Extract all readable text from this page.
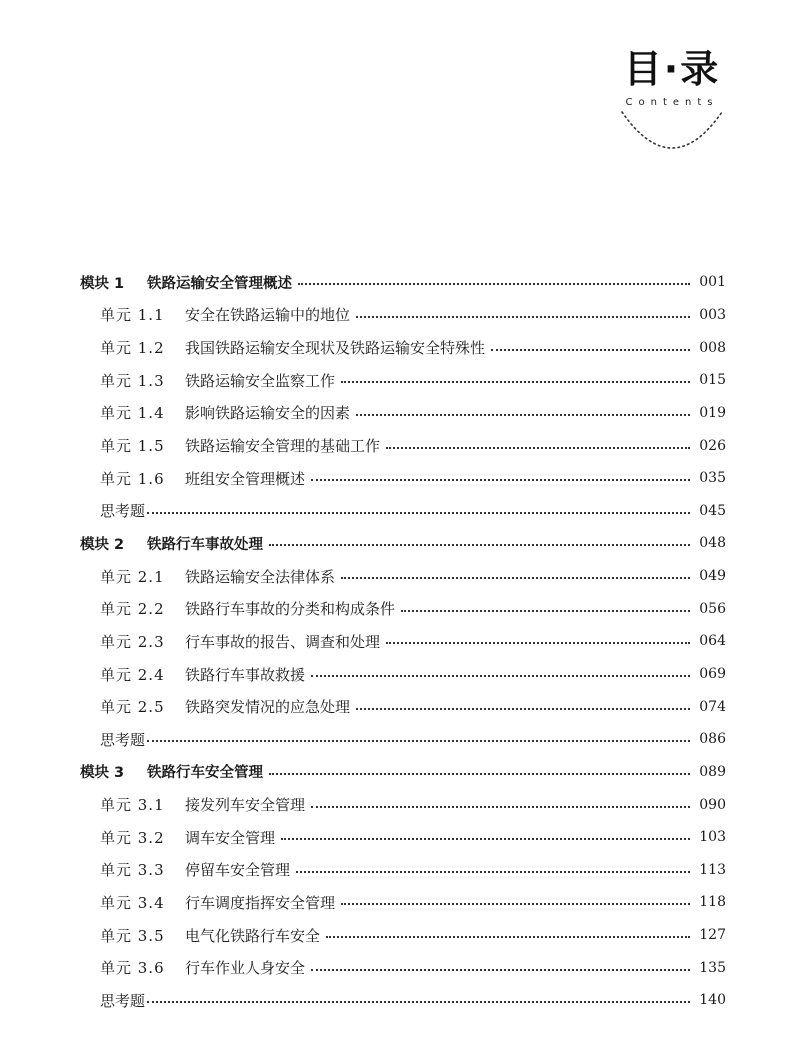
目·录
Contents
模块 1	铁路运输安全管理概述	001
单元 1.1	安全在铁路运输中的地位	003
单元 1.2	我国铁路运输安全现状及铁路运输安全特殊性	008
单元 1.3	铁路运输安全监察工作	015
单元 1.4	影响铁路运输安全的因素	019
单元 1.5	铁路运输安全管理的基础工作	026
单元 1.6	班组安全管理概述	035
思考题	045
模块 2	铁路行车事故处理	048
单元 2.1	铁路运输安全法律体系	049
单元 2.2	铁路行车事故的分类和构成条件	056
单元 2.3	行车事故的报告、调查和处理	064
单元 2.4	铁路行车事故救援	069
单元 2.5	铁路突发情况的应急处理	074
思考题	086
模块 3	铁路行车安全管理	089
单元 3.1	接发列车安全管理	090
单元 3.2	调车安全管理	103
单元 3.3	停留车安全管理	113
单元 3.4	行车调度指挥安全管理	118
单元 3.5	电气化铁路行车安全	127
单元 3.6	行车作业人身安全	135
思考题	140
